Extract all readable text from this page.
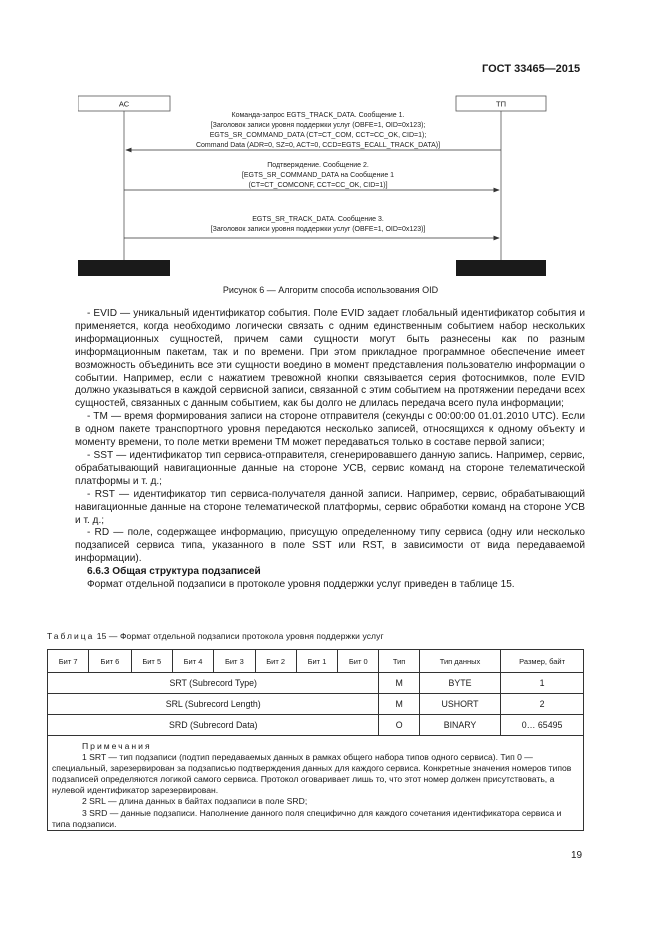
ГОСТ 33465—2015
АС	ТП
Команда-запрос EGTS_TRACK_DATA. Сообщение 1.
[Заголовок записи уровня поддержки услуг (OBFE=1, OID=0x123);
EGTS_SR_COMMAND_DATA (CT=CT_COM, CCT=CC_OK, CID=1);
Command Data (ADR=0, SZ=0, ACT=0, CCD=EGTS_ECALL_TRACK_DATA)]
Подтверждение. Сообщение 2.
[EGTS_SR_COMMAND_DATA на Сообщение 1
(CT=CT_COMCONF, CCT=CC_OK, CID=1)]
EGTS_SR_TRACK_DATA. Сообщение 3.
[Заголовок записи уровня поддержки услуг (OBFE=1, OID=0x123)]
Рисунок 6 — Алгоритм способа использования OID

- EVID — уникальный идентификатор события. Поле EVID задает глобальный идентификатор события и применяется, когда необходимо логически связать с одним единственным событием набор нескольких информационных сущностей, причем сами сущности могут быть разнесены как по разным информационным пакетам, так и по времени. При этом прикладное программное обеспечение имеет возможность объединить все эти сущности воедино в момент представления пользователю информации о событии. Например, если с нажатием тревожной кнопки связывается серия фотоснимков, поле EVID должно указываться в каждой сервисной записи, связанной с этим событием на протяжении передачи всех сущностей, связанных с данным событием, как бы долго не длилась передача всего пула информации;

- TM — время формирования записи на стороне отправителя (секунды с 00:00:00 01.01.2010 UTC). Если в одном пакете транспортного уровня передаются несколько записей, относящихся к одному объекту и моменту времени, то поле метки времени TM может передаваться только в составе первой записи;

- SST — идентификатор тип сервиса-отправителя, сгенерировавшего данную запись. Например, сервис, обрабатывающий навигационные данные на стороне УСВ, сервис команд на стороне телематической платформы и т. д.;

- RST — идентификатор тип сервиса-получателя данной записи. Например, сервис, обрабатывающий навигационные данные на стороне телематической платформы, сервис обработки команд на стороне УСВ и т. д.;

- RD — поле, содержащее информацию, присущую определенному типу сервиса (одну или несколько подзаписей сервиса типа, указанного в поле SST или RST, в зависимости от вида передаваемой информации).

6.6.3 Общая структура подзаписей

Формат отдельной подзаписи в протоколе уровня поддержки услуг приведен в таблице 15.

Таблица 15 — Формат отдельной подзаписи протокола уровня поддержки услуг
Бит 7	Бит 6	Бит 5	Бит 4	Бит 3	Бит 2	Бит 1	Бит 0	Тип	Тип данных	Размер, байт
SRT (Subrecord Type)								M	BYTE	1
SRL (Subrecord Length)								M	USHORT	2
SRD (Subrecord Data)								O	BINARY	0… 65495

Примечания

1 SRT — тип подзаписи (подтип передаваемых данных в рамках общего набора типов одного сервиса). Тип 0 — специальный, зарезервирован за подзаписью подтверждения данных для каждого сервиса. Конкретные значения номеров типов подзаписей определяются логикой самого сервиса. Протокол оговаривает лишь то, что этот номер должен присутствовать, а нулевой идентификатор зарезервирован.

2 SRL — длина данных в байтах подзаписи в поле SRD;

3 SRD — данные подзаписи. Наполнение данного поля специфично для каждого сочетания идентификатора сервиса и типа подзаписи.

19
